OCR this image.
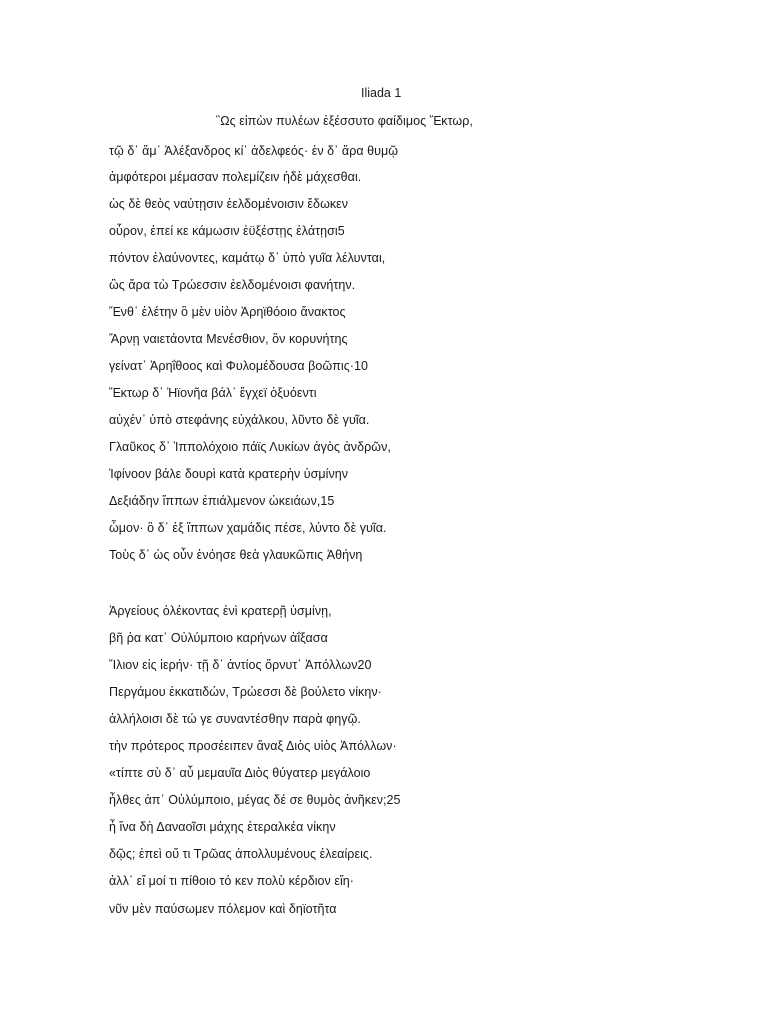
Iliada 1
῝Ως εἰπὼν πυλέων ἐξέσσυτο φαίδιμος Ἕκτωρ,
τῷ δ᾽ ἅμ᾽ Ἀλέξανδρος κί᾽ ἀδελφεός· ἐν δ᾽ ἄρα θυμῷ
ἀμφότεροι μέμασαν πολεμίζειν ἠδὲ μάχεσθαι.
ὡς δὲ θεὸς ναύτῃσιν ἐελδομένοισιν ἔδωκεν
οὖρον, ἐπεί κε κάμωσιν ἐϋξέστῃς ἐλάτῃσι5
πόντον ἐλαύνοντες, καμάτῳ δ᾽ ὑπὸ γυῖα λέλυνται,
ὣς ἄρα τὼ Τρώεσσιν ἐελδομένοισι φανήτην.
Ἔνθ᾽ ἑλέτην ὃ μὲν υἱὸν Ἀρηϊθόοιο ἄνακτος
Ἄρνῃ ναιετάοντα Μενέσθιον, ὃν κορυνήτης
γείνατ᾽ Ἀρηΐθοος καὶ Φυλομέδουσα βοῶπις·10
Ἕκτωρ δ᾽ Ἠϊονῆα βάλ᾽ ἔγχεϊ ὀξυόεντι
αὐχέν᾽ ὑπὸ στεφάνης εὐχάλκου, λῦντο δὲ γυῖα.
Γλαῦκος δ᾽ Ἱππολόχοιο πάϊς Λυκίων ἀγὸς ἀνδρῶν,
Ἰφίνοον βάλε δουρὶ κατὰ κρατερὴν ὑσμίνην
Δεξιάδην ἵππων ἐπιάλμενον ὠκειάων,15
ὦμον· ὃ δ᾽ ἐξ ἵππων χαμάδις πέσε, λύντο δὲ γυῖα.
Τοὺς δ᾽ ὡς οὖν ἐνόησε θεὰ γλαυκῶπις Ἀθήνη
Ἀργείους ὀλέκοντας ἐνὶ κρατερῇ ὑσμίνῃ,
βῆ ῥα κατ᾽ Οὐλύμποιο καρήνων ἀΐξασα
Ἴλιον εἰς ἱερήν· τῇ δ᾽ ἀντίος ὄρνυτ᾽ Ἀπόλλων20
Περγάμου ἐκκατιδών, Τρώεσσι δὲ βούλετο νίκην·
ἀλλήλοισι δὲ τώ γε συναντέσθην παρὰ φηγῷ.
τὴν πρότερος προσέειπεν ἄναξ Διὸς υἱὸς Ἀπόλλων·
«τίπτε σὺ δ᾽ αὖ μεμαυῖα Διὸς θύγατερ μεγάλοιο
ἦλθες ἀπ᾽ Οὐλύμποιο, μέγας δέ σε θυμὸς ἀνῆκεν;25
ἦ ἵνα δὴ Δαναοῖσι μάχης ἑτεραλκέα νίκην
δῷς; ἐπεὶ οὔ τι Τρῶας ἀπολλυμένους ἐλεαίρεις.
ἀλλ᾽ εἴ μοί τι πίθοιο τό κεν πολὺ κέρδιον εἴη·
νῦν μὲν παύσωμεν πόλεμον καὶ δηϊοτῆτα
